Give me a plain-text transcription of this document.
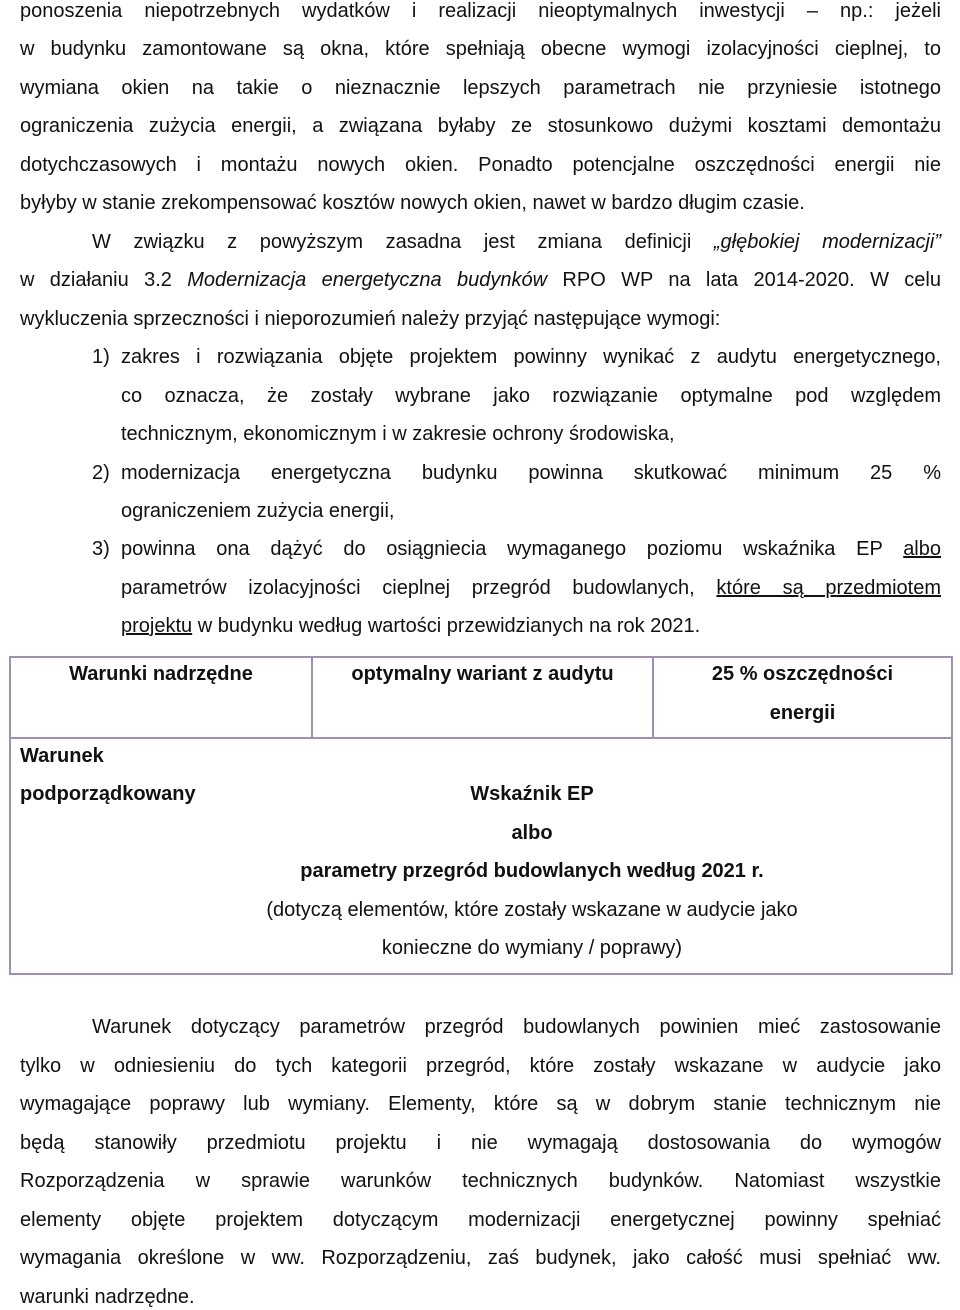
ponoszenia niepotrzebnych wydatków i realizacji nieoptymalnych inwestycji – np.: jeżeli
w budynku zamontowane są okna, które spełniają obecne wymogi izolacyjności cieplnej, to
wymiana okien na takie o nieznacznie lepszych parametrach nie przyniesie istotnego
ograniczenia zużycia energii, a związana byłaby ze stosunkowo dużymi kosztami demontażu
dotychczasowych i montażu nowych okien. Ponadto potencjalne oszczędności energii nie
byłyby w stanie zrekompensować kosztów nowych okien, nawet w bardzo długim czasie.
W związku z powyższym zasadna jest zmiana definicji „głębokiej modernizacji”
w działaniu 3.2 Modernizacja energetyczna budynków RPO WP na lata 2014-2020. W celu
wykluczenia sprzeczności i nieporozumień należy przyjąć następujące wymogi:
1) zakres i rozwiązania objęte projektem powinny wynikać z audytu energetycznego,
co oznacza, że zostały wybrane jako rozwiązanie optymalne pod względem
technicznym, ekonomicznym i w zakresie ochrony środowiska,
2) modernizacja energetyczna budynku powinna skutkować minimum 25 %
ograniczeniem zużycia energii,
3) powinna ona dążyć do osiągniecia wymaganego poziomu wskaźnika EP albo
parametrów izolacyjności cieplnej przegród budowlanych, które są przedmiotem
projektu w budynku według wartości przewidzianych na rok 2021.
Warunki nadrzędne	optymalny wariant z audytu	25 % oszczędności
energii
Warunek
podporządkowany	Wskaźnik EP
albo
parametry przegród budowlanych według 2021 r.
(dotyczą elementów, które zostały wskazane w audycie jako
konieczne do wymiany / poprawy)
Warunek dotyczący parametrów przegród budowlanych powinien mieć zastosowanie
tylko w odniesieniu do tych kategorii przegród, które zostały wskazane w audycie jako
wymagające poprawy lub wymiany. Elementy, które są w dobrym stanie technicznym nie
będą stanowiły przedmiotu projektu i nie wymagają dostosowania do wymogów
Rozporządzenia w sprawie warunków technicznych budynków. Natomiast wszystkie
elementy objęte projektem dotyczącym modernizacji energetycznej powinny spełniać
wymagania określone w ww. Rozporządzeniu, zaś budynek, jako całość musi spełniać ww.
warunki nadrzędne.
